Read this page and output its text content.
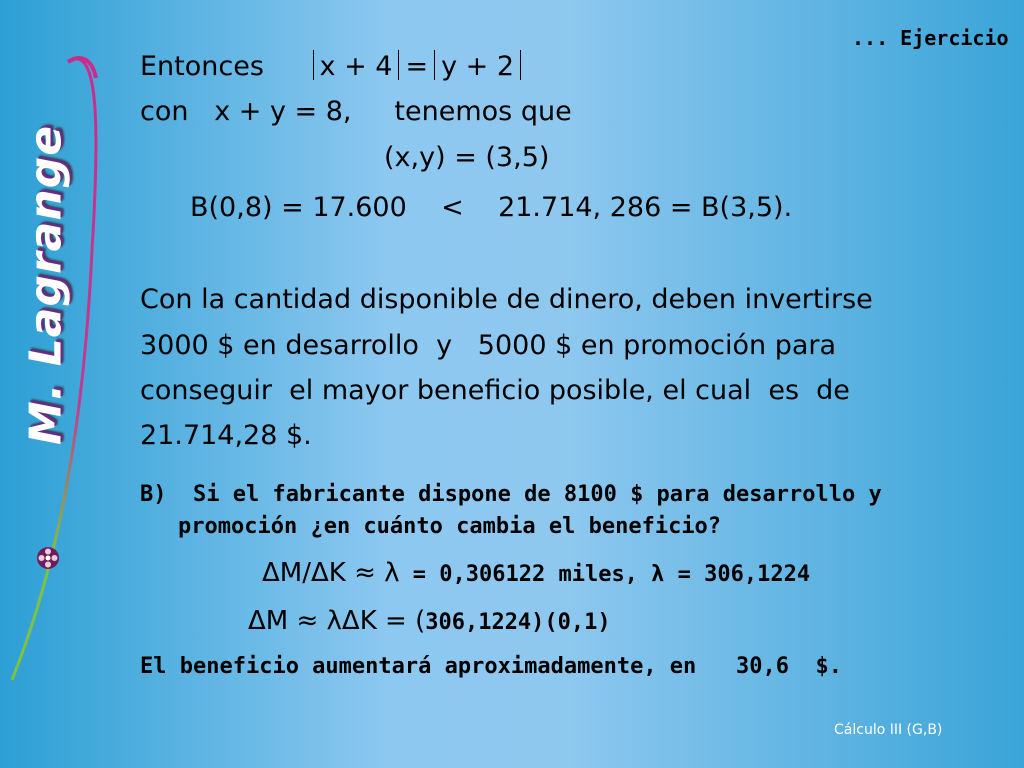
M. Lagrange
... Ejercicio
Entonces x + 4 = y + 2
con   x + y = 8,     tenemos que
(x,y) = (3,5)
B(0,8) = 17.600    <    21.714, 286 = B(3,5).
Con la cantidad disponible de dinero, deben invertirse
3000 $ en desarrollo  y   5000 $ en promoción para
conseguir  el mayor beneficio posible, el cual  es  de
21.714,28 $.
B)  Si el fabricante dispone de 8100 $ para desarrollo y
promoción ¿en cuánto cambia el beneficio?
ΔM/ΔK ≈ λ = 0,306122 miles, λ = 306,1224
ΔM ≈ λΔK = (306,1224)(0,1)
El beneficio aumentará aproximadamente, en   30,6  $.
Cálculo III (G,B)
